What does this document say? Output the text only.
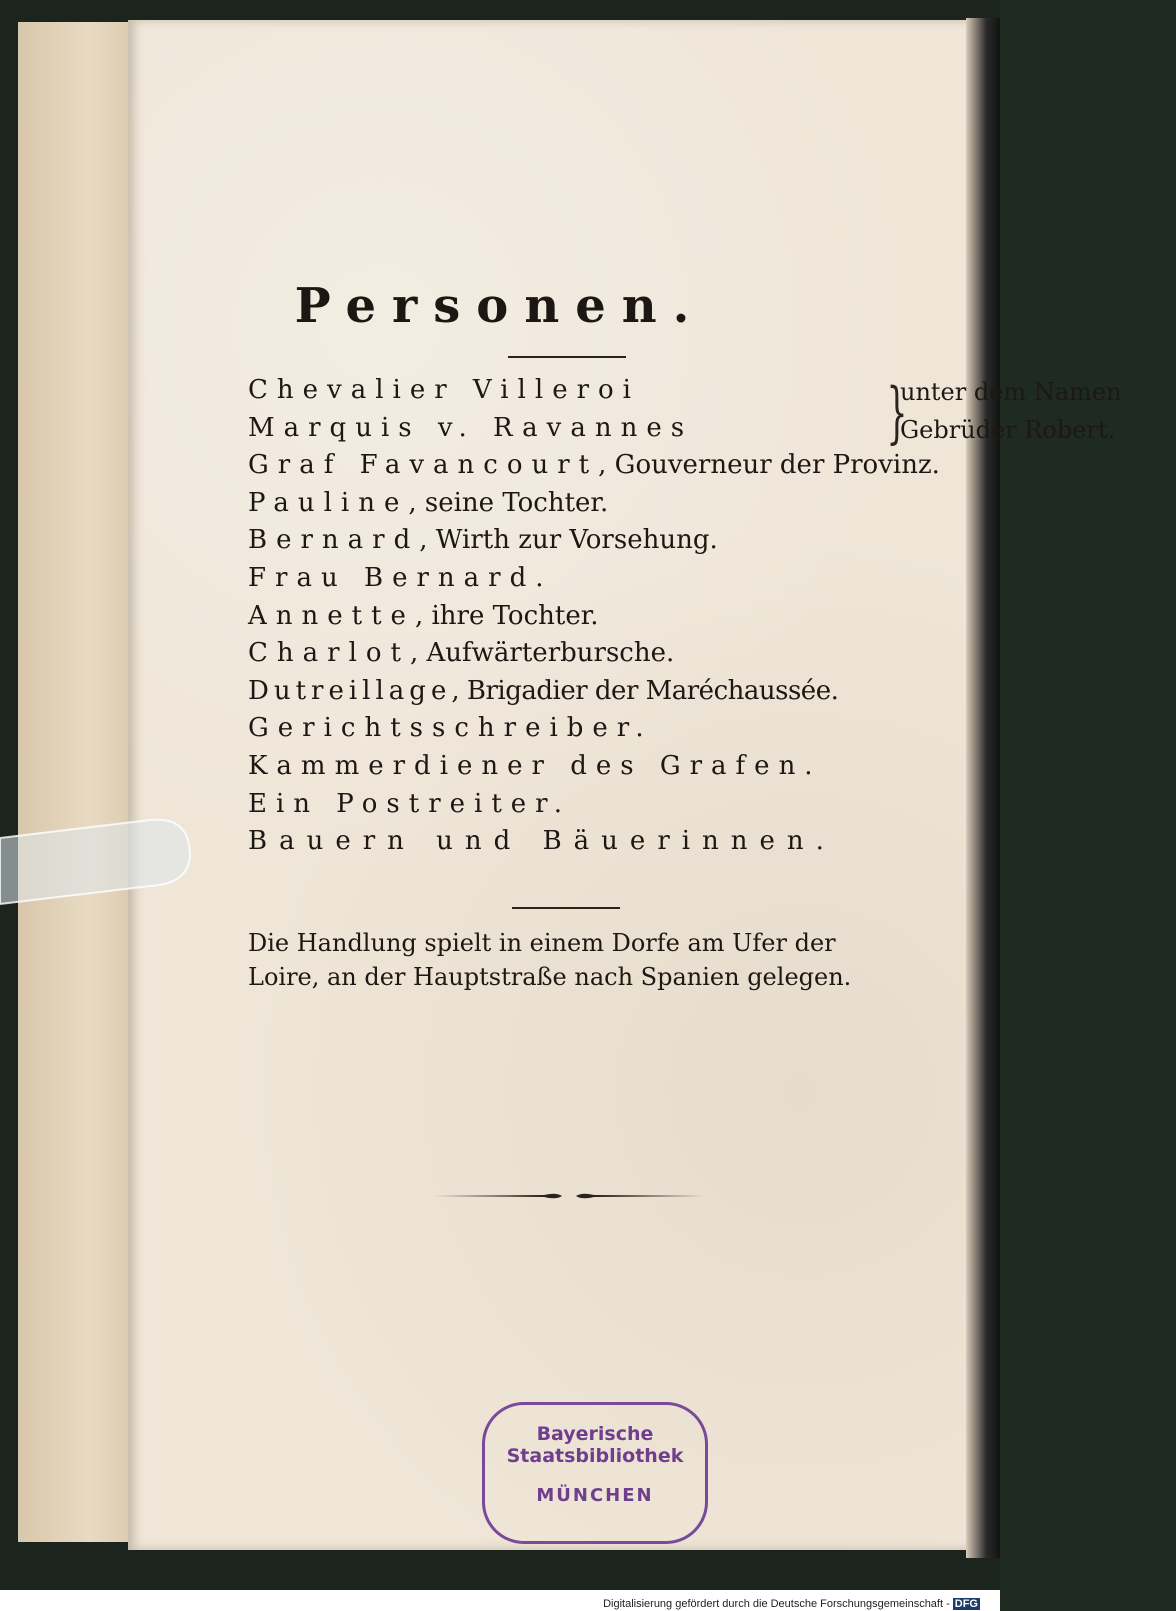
Personen.
Chevalier Villeroi
Marquis v. Ravannes	}
unter dem Namen
Gebrüder Robert.
Graf Favancourt, Gouverneur der Provinz.
Pauline, seine Tochter.
Bernard, Wirth zur Vorsehung.
Frau Bernard.
Annette, ihre Tochter.
Charlot, Aufwärterbursche.
Dutreillage, Brigadier der Maréchaussée.
Gerichtsschreiber.
Kammerdiener des Grafen.
Ein Postreiter.
Bauern und Bäuerinnen.
Die Handlung spielt in einem Dorfe am Ufer der Loire, an der Hauptstraße nach Spanien gelegen.
Bayerische
Staatsbibliothek
MÜNCHEN
Digitalisierung gefördert durch die Deutsche Forschungsgemeinschaft - DFG
